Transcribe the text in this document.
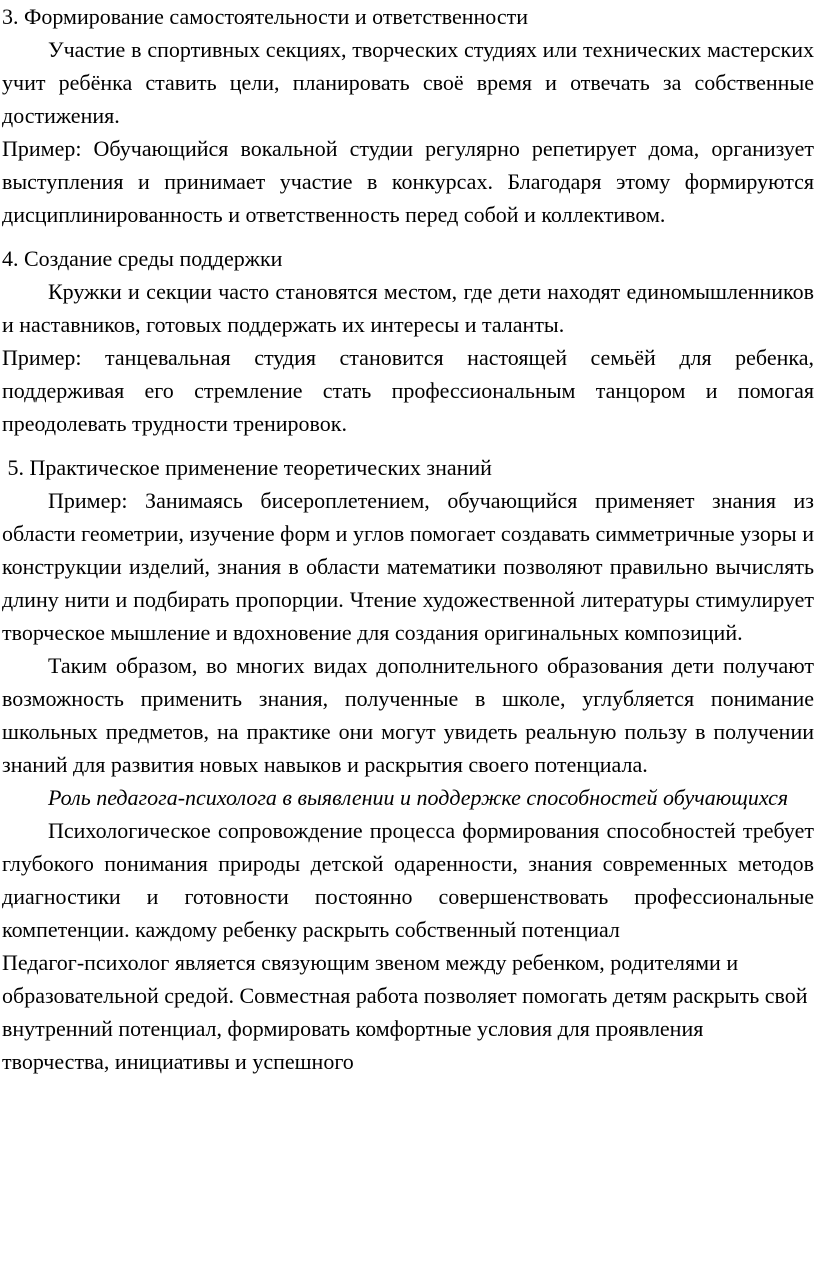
3. Формирование самостоятельности и ответственности

Участие в спортивных секциях, творческих студиях или технических мастерских учит ребёнка ставить цели, планировать своё время и отвечать за собственные достижения.

Пример: Обучающийся вокальной студии регулярно репетирует дома, организует выступления и принимает участие в конкурсах. Благодаря этому формируются дисциплинированность и ответственность перед собой и коллективом.

4. Создание среды поддержки

Кружки и секции часто становятся местом, где дети находят единомышленников и наставников, готовых поддержать их интересы и таланты.

Пример: танцевальная студия становится настоящей семьёй для ребенка, поддерживая его стремление стать профессиональным танцором и помогая преодолевать трудности тренировок.

5. Практическое применение теоретических знаний

Пример: Занимаясь бисероплетением, обучающийся применяет знания из области геометрии, изучение форм и углов помогает создавать симметричные узоры и конструкции изделий, знания в области математики позволяют правильно вычислять длину нити и подбирать пропорции. Чтение художественной литературы стимулирует творческое мышление и вдохновение для создания оригинальных композиций.

Таким образом, во многих видах дополнительного образования дети получают возможность применить знания, полученные в школе, углубляется понимание школьных предметов, на практике они могут увидеть реальную пользу в получении знаний для развития новых навыков и раскрытия своего потенциала.

Роль педагога-психолога в выявлении и поддержке способностей обучающихся

Психологическое сопровождение процесса формирования способностей требует глубокого понимания природы детской одаренности, знания современных методов диагностики и готовности постоянно совершенствовать профессиональные компетенции. каждому ребенку раскрыть собственный потенциал

Педагог-психолог является связующим звеном между ребенком, родителями и образовательной средой. Совместная работа позволяет помогать детям раскрыть свой внутренний потенциал, формировать комфортные условия для проявления творчества, инициативы и успешного
